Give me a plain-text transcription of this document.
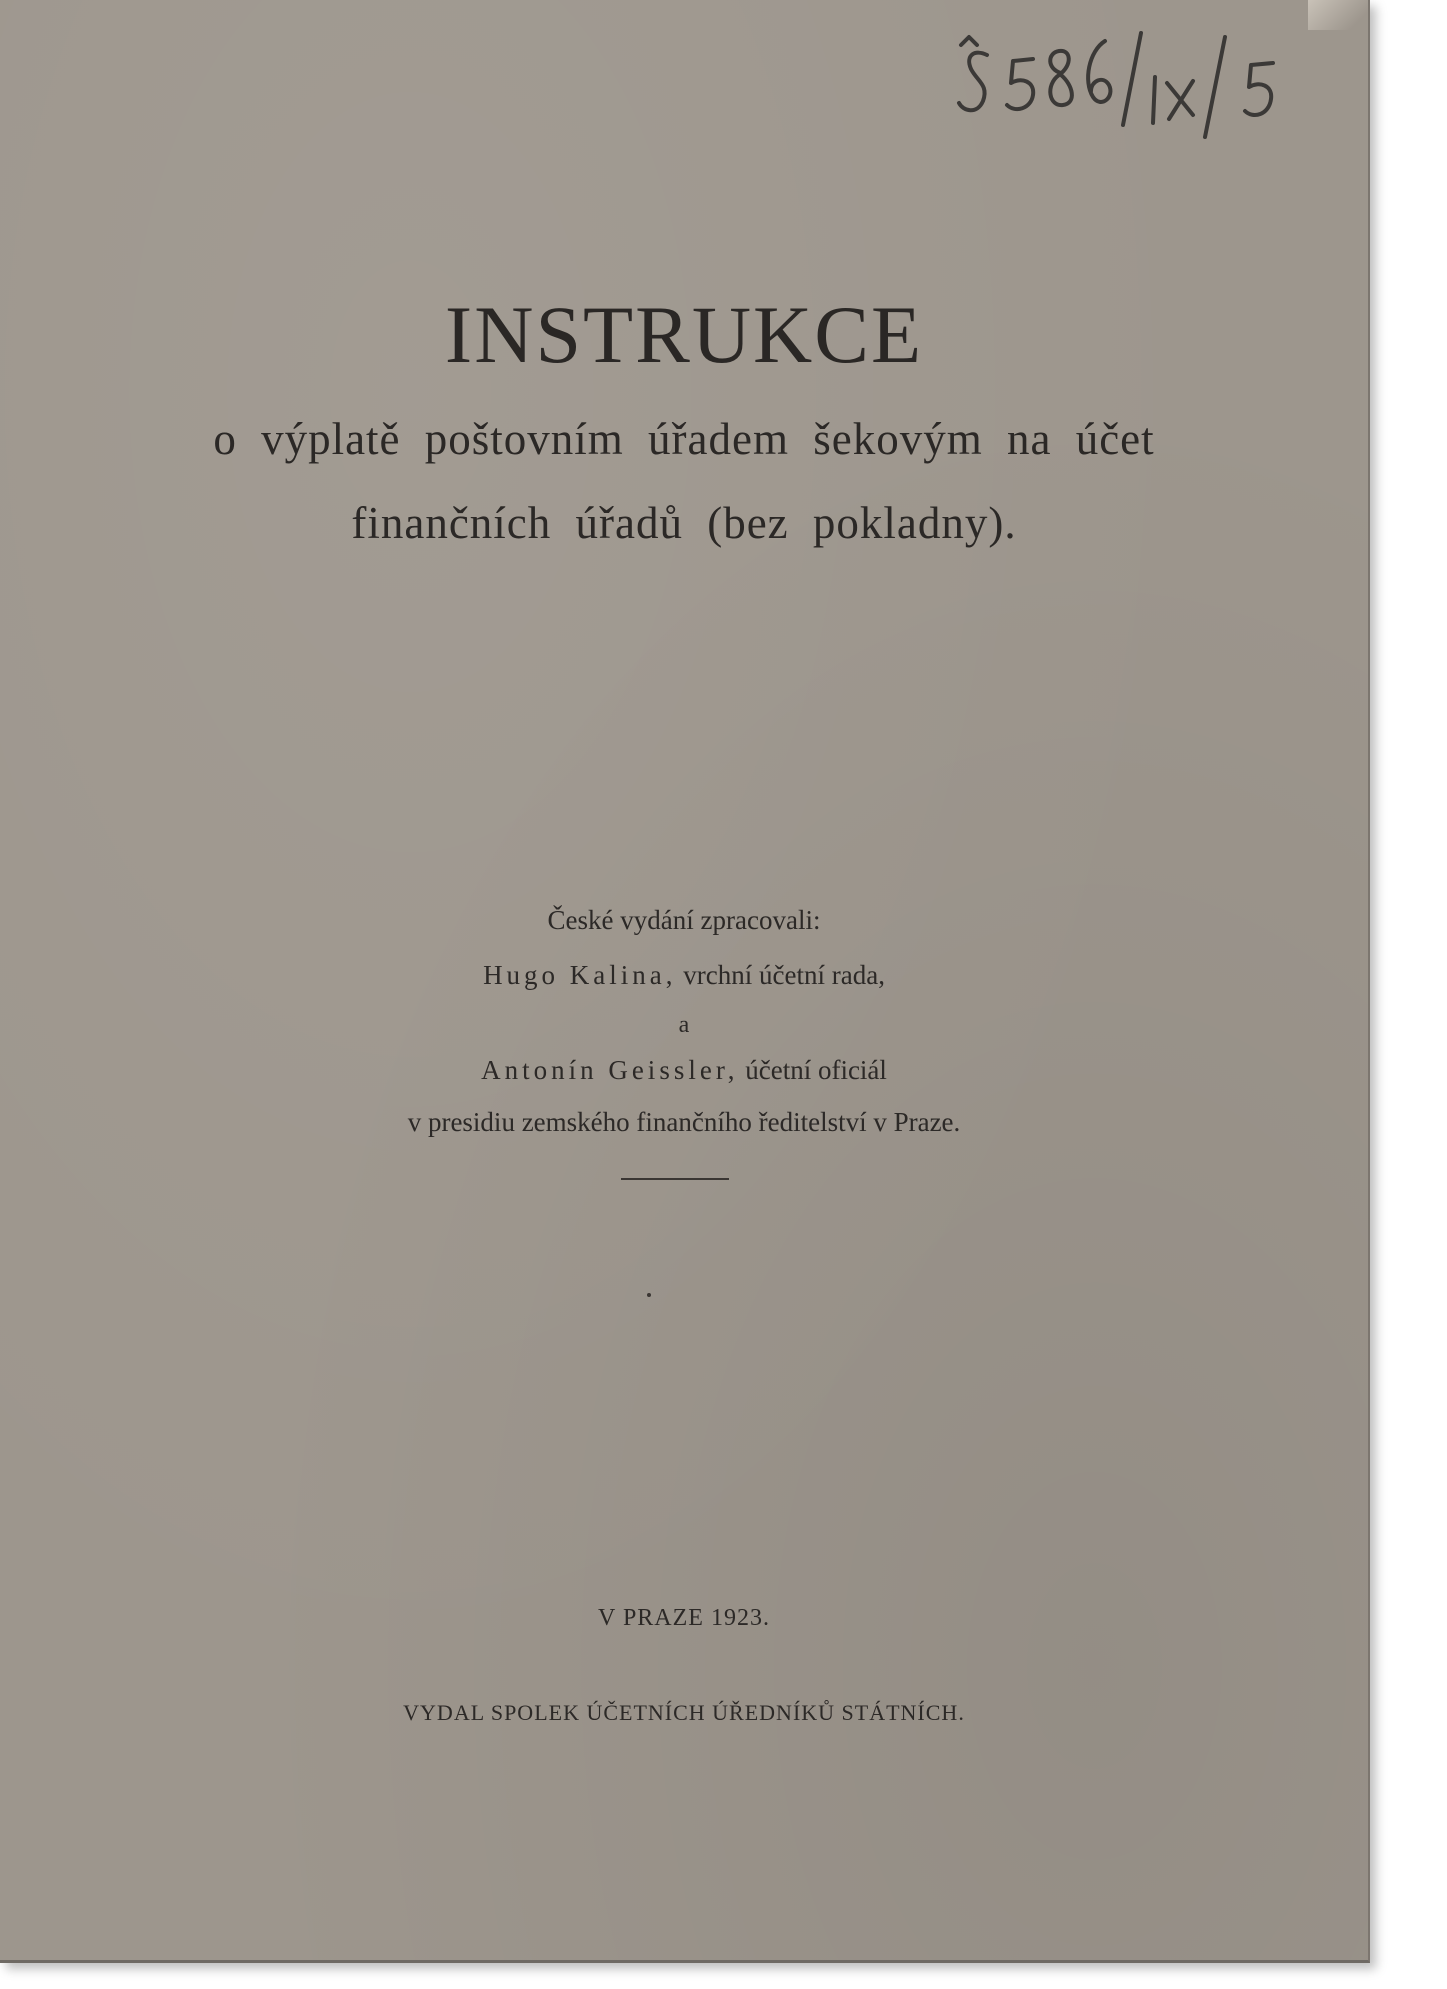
INSTRUKCE
o výplatě poštovním úřadem šekovým na účet
finančních úřadů (bez pokladny).
České vydání zpracovali:
Hugo Kalina, vrchní účetní rada,
a
Antonín Geissler, účetní oficiál
v presidiu zemského finančního ředitelství v Praze.
V PRAZE 1923.
VYDAL SPOLEK ÚČETNÍCH ÚŘEDNÍKŮ STÁTNÍCH.
